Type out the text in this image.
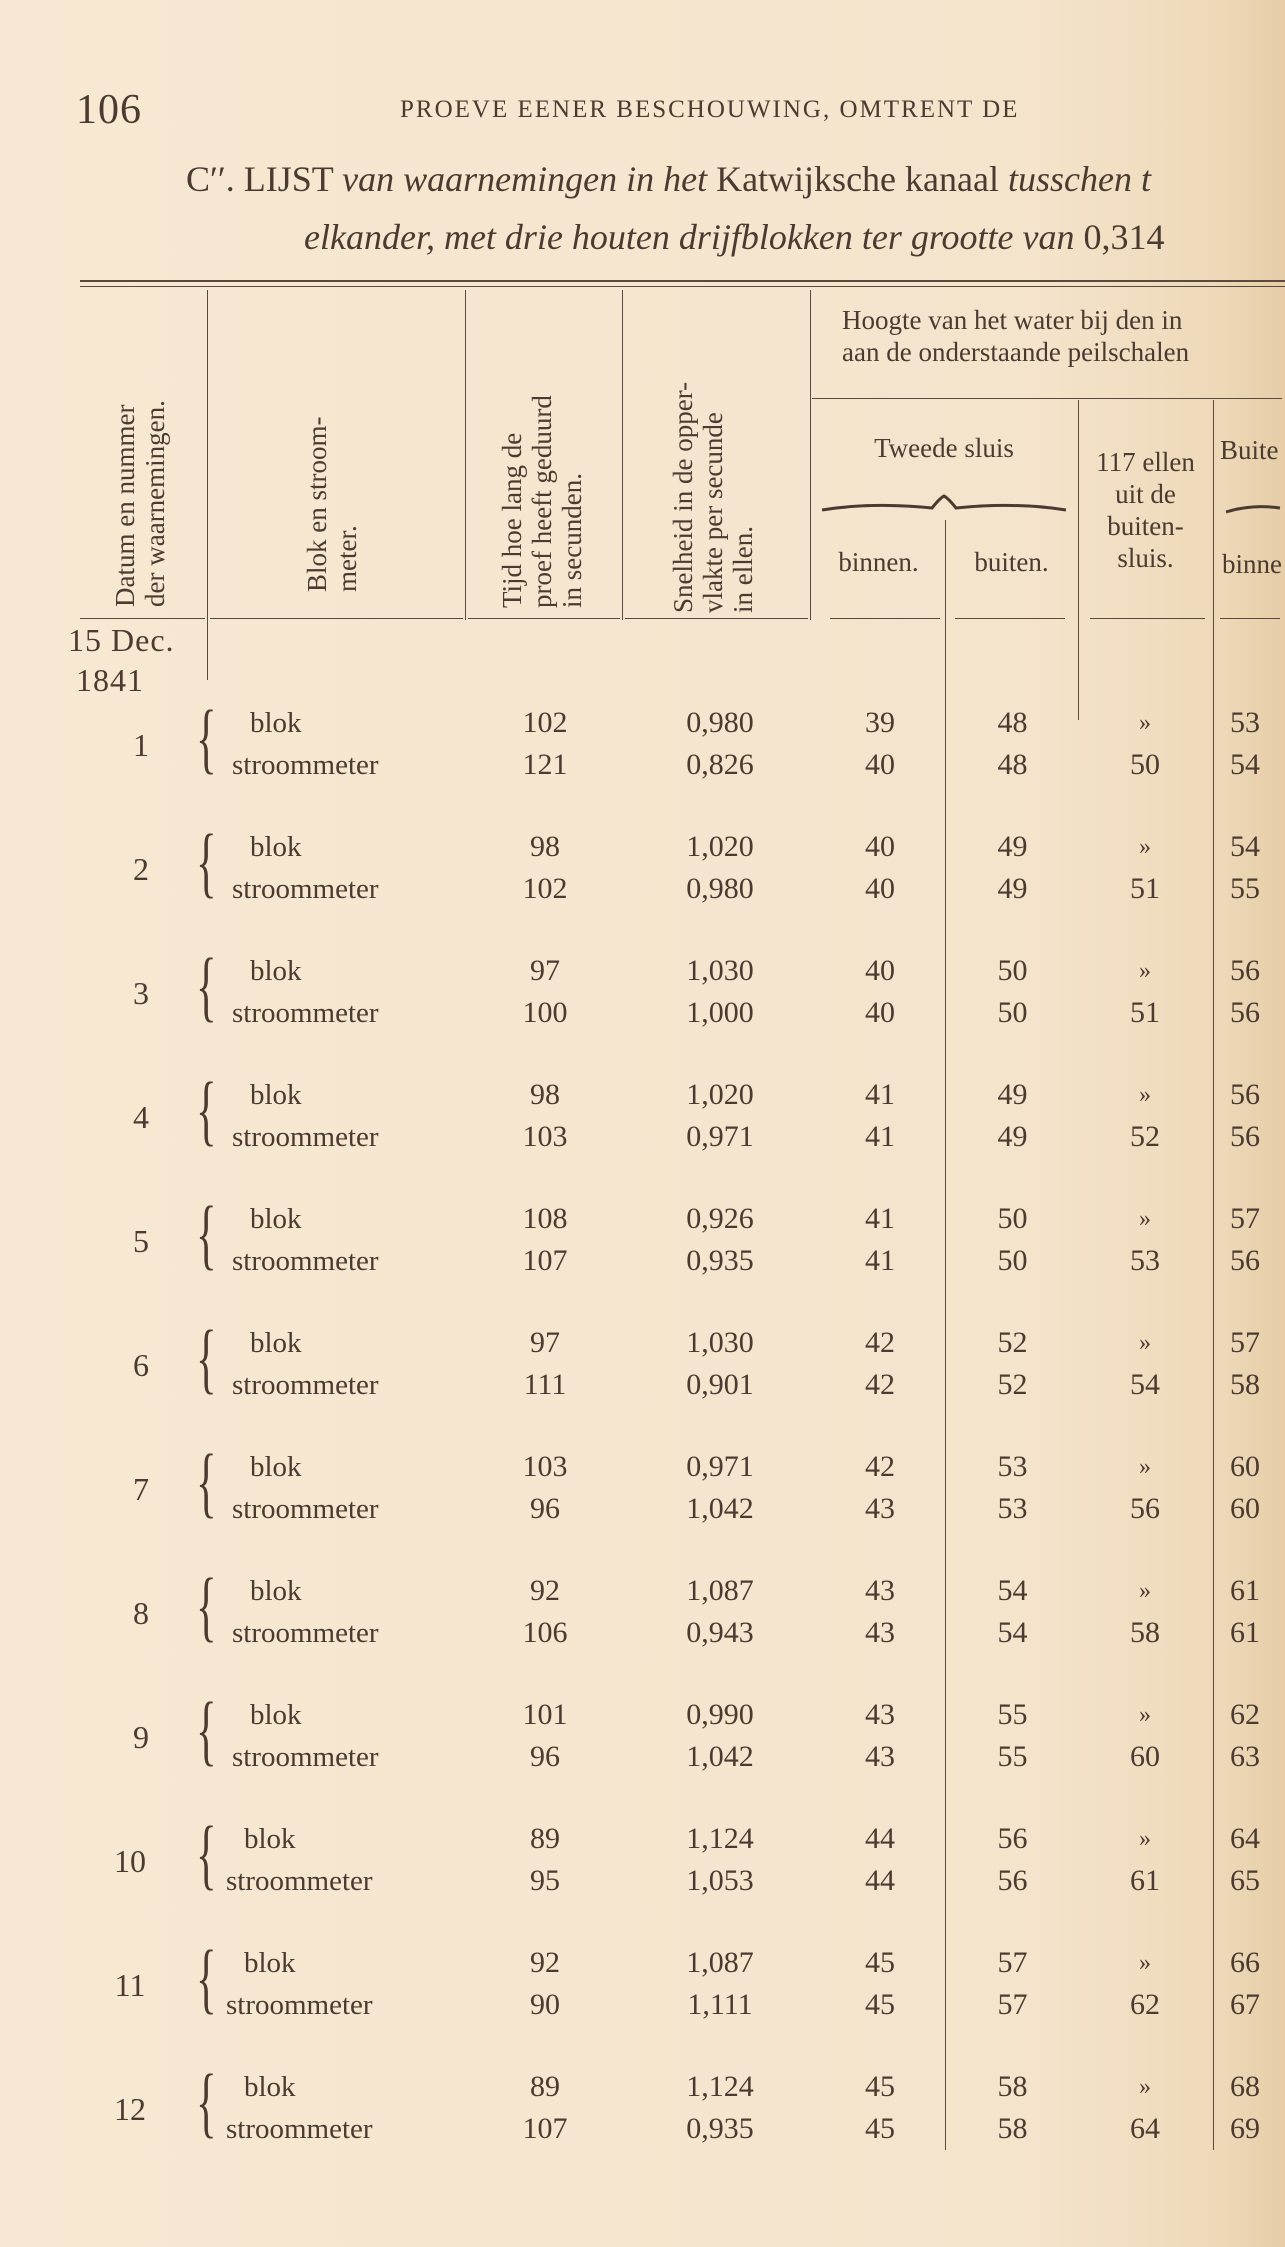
106	PROEVE EENER BESCHOUWING, OMTRENT DE
C′′. LIJST van waarnemingen in het Katwijksche kanaal tusschen t
elkander, met drie houten drijfblokken ter grootte van 0,314
Datum en nummer
der waarnemingen.	Blok en stroom-
meter.	Tijd hoe lang de
proef heeft geduurd
in secunden.	Snelheid in de opper-
vlakte per secunde
in ellen.
Hoogte van het water bij den in
aan de onderstaande peilschalen
Tweede sluis
binnen.	buiten.
117 ellen
uit de
buiten-
sluis.
Buite
binne
15 Dec.
1841
1 { blok	102	0,980	39	48	»	53
stroommeter	121	0,826	40	48	50	54
2 { blok	98	1,020	40	49	»	54
stroommeter	102	0,980	40	49	51	55
3 { blok	97	1,030	40	50	»	56
stroommeter	100	1,000	40	50	51	56
4 { blok	98	1,020	41	49	»	56
stroommeter	103	0,971	41	49	52	56
5 { blok	108	0,926	41	50	»	57
stroommeter	107	0,935	41	50	53	56
6 { blok	97	1,030	42	52	»	57
stroommeter	111	0,901	42	52	54	58
7 { blok	103	0,971	42	53	»	60
stroommeter	96	1,042	43	53	56	60
8 { blok	92	1,087	43	54	»	61
stroommeter	106	0,943	43	54	58	61
9 { blok	101	0,990	43	55	»	62
stroommeter	96	1,042	43	55	60	63
10 { blok	89	1,124	44	56	»	64
stroommeter	95	1,053	44	56	61	65
11 { blok	92	1,087	45	57	»	66
stroommeter	90	1,111	45	57	62	67
12 { blok	89	1,124	45	58	»	68
stroommeter	107	0,935	45	58	64	69
